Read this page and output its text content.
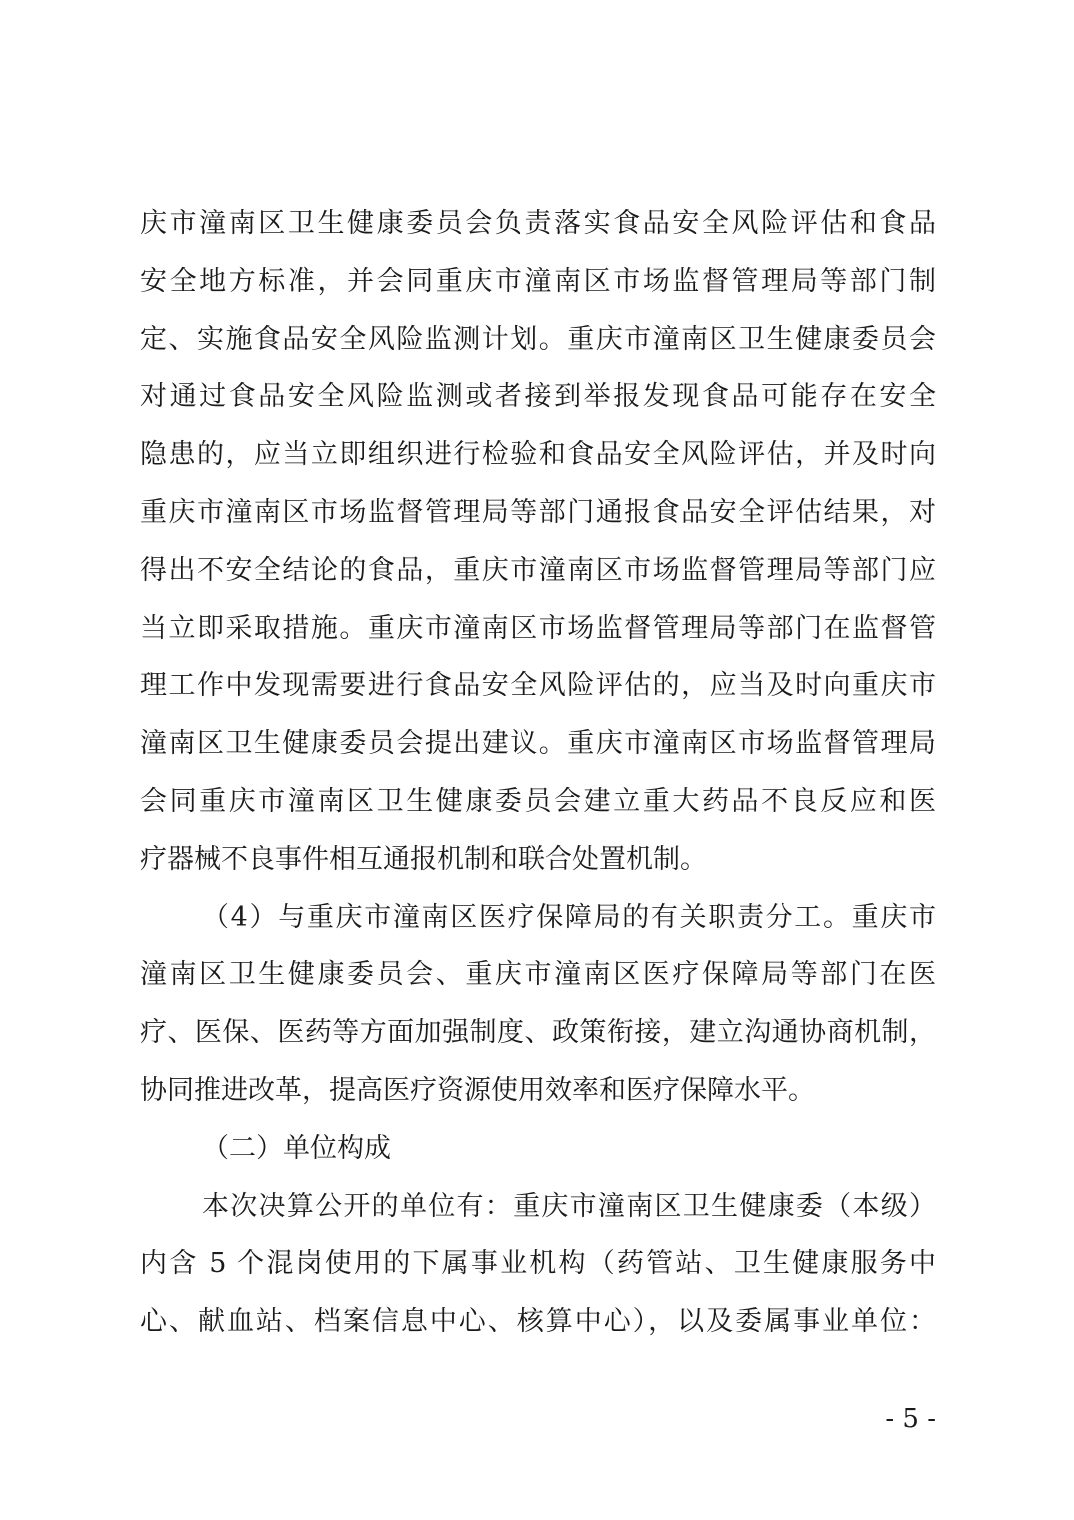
庆市潼南区卫生健康委员会负责落实食品安全风险评估和食品
安全地方标准，并会同重庆市潼南区市场监督管理局等部门制
定、实施食品安全风险监测计划。重庆市潼南区卫生健康委员会
对通过食品安全风险监测或者接到举报发现食品可能存在安全
隐患的，应当立即组织进行检验和食品安全风险评估，并及时向
重庆市潼南区市场监督管理局等部门通报食品安全评估结果，对
得出不安全结论的食品，重庆市潼南区市场监督管理局等部门应
当立即采取措施。重庆市潼南区市场监督管理局等部门在监督管
理工作中发现需要进行食品安全风险评估的，应当及时向重庆市
潼南区卫生健康委员会提出建议。重庆市潼南区市场监督管理局
会同重庆市潼南区卫生健康委员会建立重大药品不良反应和医
疗器械不良事件相互通报机制和联合处置机制。
（4）与重庆市潼南区医疗保障局的有关职责分工。重庆市
潼南区卫生健康委员会、重庆市潼南区医疗保障局等部门在医
疗、医保、医药等方面加强制度、政策衔接，建立沟通协商机制，
协同推进改革，提高医疗资源使用效率和医疗保障水平。
（二）单位构成
本次决算公开的单位有：重庆市潼南区卫生健康委（本级）
内含 5 个混岗使用的下属事业机构（药管站、卫生健康服务中
心、献血站、档案信息中心、核算中心），以及委属事业单位：
- 5 -
